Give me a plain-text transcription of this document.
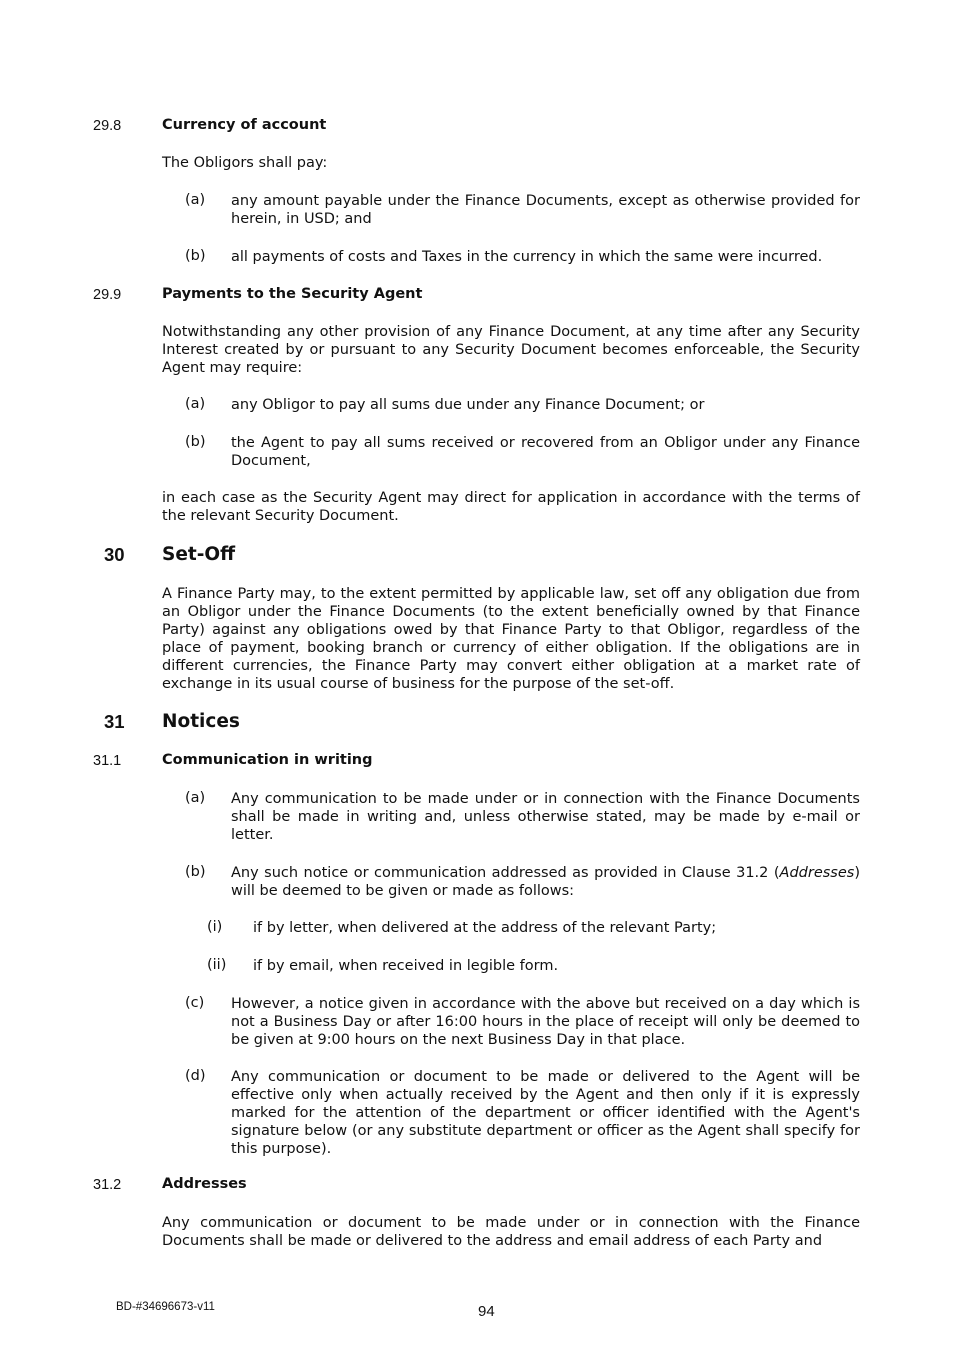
29.8	Currency of account

The Obligors shall pay:

(a) any amount payable under the Finance Documents, except as otherwise provided for herein, in USD; and

(b) all payments of costs and Taxes in the currency in which the same were incurred.

29.9	Payments to the Security Agent

Notwithstanding any other provision of any Finance Document, at any time after any Security Interest created by or pursuant to any Security Document becomes enforceable, the Security Agent may require:

(a) any Obligor to pay all sums due under any Finance Document; or

(b) the Agent to pay all sums received or recovered from an Obligor under any Finance Document,

in each case as the Security Agent may direct for application in accordance with the terms of the relevant Security Document.

30 Set-Off

A Finance Party may, to the extent permitted by applicable law, set off any obligation due from an Obligor under the Finance Documents (to the extent beneficially owned by that Finance Party) against any obligations owed by that Finance Party to that Obligor, regardless of the place of payment, booking branch or currency of either obligation. If the obligations are in different currencies, the Finance Party may convert either obligation at a market rate of exchange in its usual course of business for the purpose of the set-off.

31 Notices
31.1	Communication in writing
(a) Any communication to be made under or in connection with the Finance Documents shall be made in writing and, unless otherwise stated, may be made by e-mail or letter.

(b) Any such notice or communication addressed as provided in Clause 31.2 (Addresses) will be deemed to be given or made as follows:

(i) if by letter, when delivered at the address of the relevant Party;

(ii) if by email, when received in legible form.

(c) However, a notice given in accordance with the above but received on a day which is not a Business Day or after 16:00 hours in the place of receipt will only be deemed to be given at 9:00 hours on the next Business Day in that place.

(d) Any communication or document to be made or delivered to the Agent will be effective only when actually received by the Agent and then only if it is expressly marked for the attention of the department or officer identified with the Agent's signature below (or any substitute department or officer as the Agent shall specify for this purpose).

31.2	Addresses

Any communication or document to be made under or in connection with the Finance Documents shall be made or delivered to the address and email address of each Party and

BD-#34696673-v11	94
